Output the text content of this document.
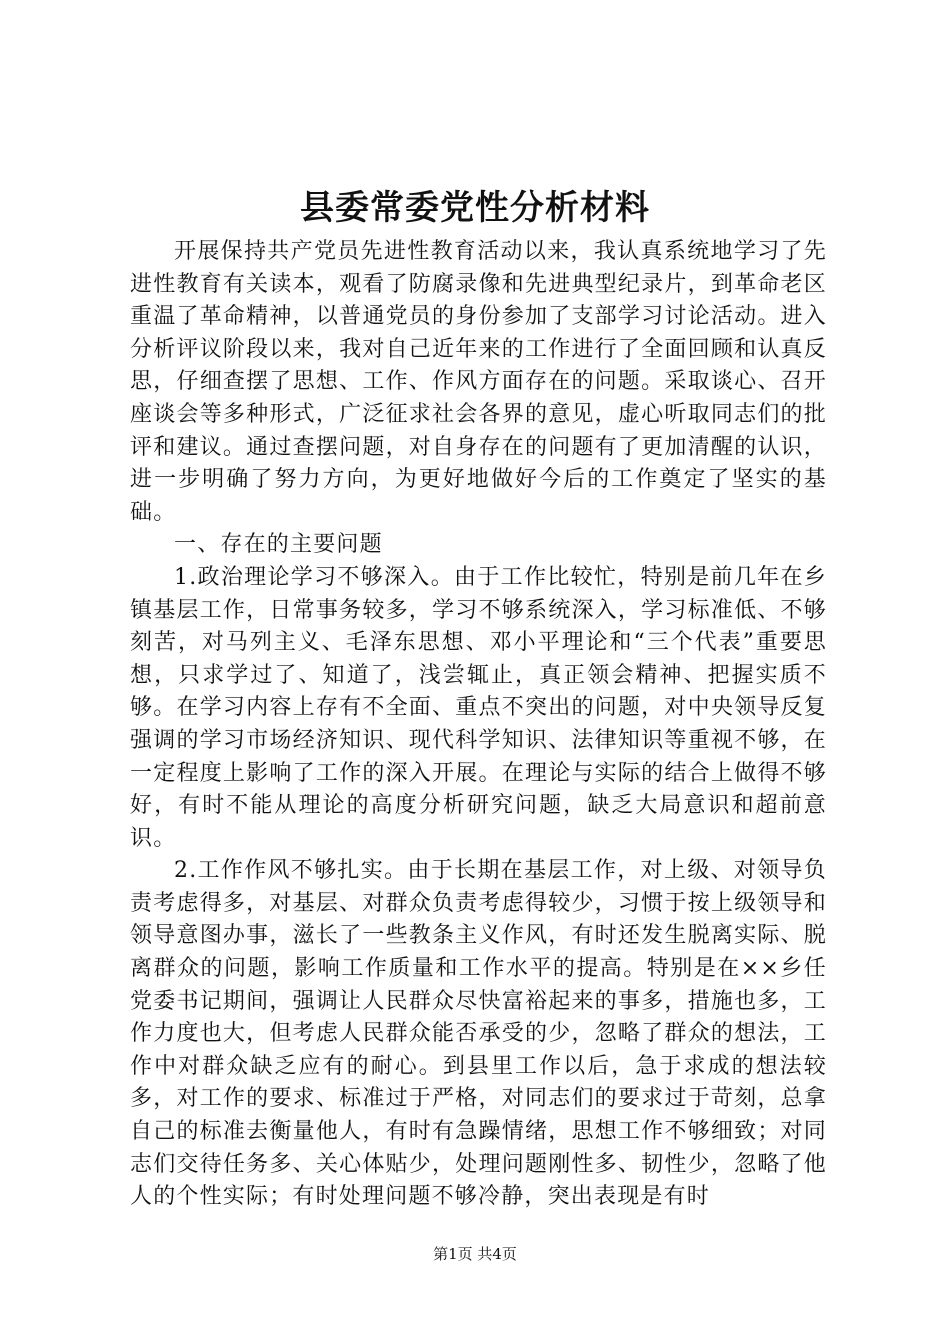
县委常委党性分析材料

开展保持共产党员先进性教育活动以来，我认真系统地学习了先进性教育有关读本，观看了防腐录像和先进典型纪录片，到革命老区重温了革命精神，以普通党员的身份参加了支部学习讨论活动。进入分析评议阶段以来，我对自己近年来的工作进行了全面回顾和认真反思，仔细查摆了思想、工作、作风方面存在的问题。采取谈心、召开座谈会等多种形式，广泛征求社会各界的意见，虚心听取同志们的批评和建议。通过查摆问题，对自身存在的问题有了更加清醒的认识，进一步明确了努力方向，为更好地做好今后的工作奠定了坚实的基础。

一、存在的主要问题

1.政治理论学习不够深入。由于工作比较忙，特别是前几年在乡镇基层工作，日常事务较多，学习不够系统深入，学习标准低、不够刻苦，对马列主义、毛泽东思想、邓小平理论和“三个代表”重要思想，只求学过了、知道了，浅尝辄止，真正领会精神、把握实质不够。在学习内容上存有不全面、重点不突出的问题，对中央领导反复强调的学习市场经济知识、现代科学知识、法律知识等重视不够，在一定程度上影响了工作的深入开展。在理论与实际的结合上做得不够好，有时不能从理论的高度分析研究问题，缺乏大局意识和超前意识。

2.工作作风不够扎实。由于长期在基层工作，对上级、对领导负责考虑得多，对基层、对群众负责考虑得较少，习惯于按上级领导和领导意图办事，滋长了一些教条主义作风，有时还发生脱离实际、脱离群众的问题，影响工作质量和工作水平的提高。特别是在××乡任党委书记期间，强调让人民群众尽快富裕起来的事多，措施也多，工作力度也大，但考虑人民群众能否承受的少，忽略了群众的想法，工作中对群众缺乏应有的耐心。到县里工作以后，急于求成的想法较多，对工作的要求、标准过于严格，对同志们的要求过于苛刻，总拿自己的标准去衡量他人，有时有急躁情绪，思想工作不够细致；对同志们交待任务多、关心体贴少，处理问题刚性多、韧性少，忽略了他人的个性实际；有时处理问题不够冷静，突出表现是有时

第1页 共4页
